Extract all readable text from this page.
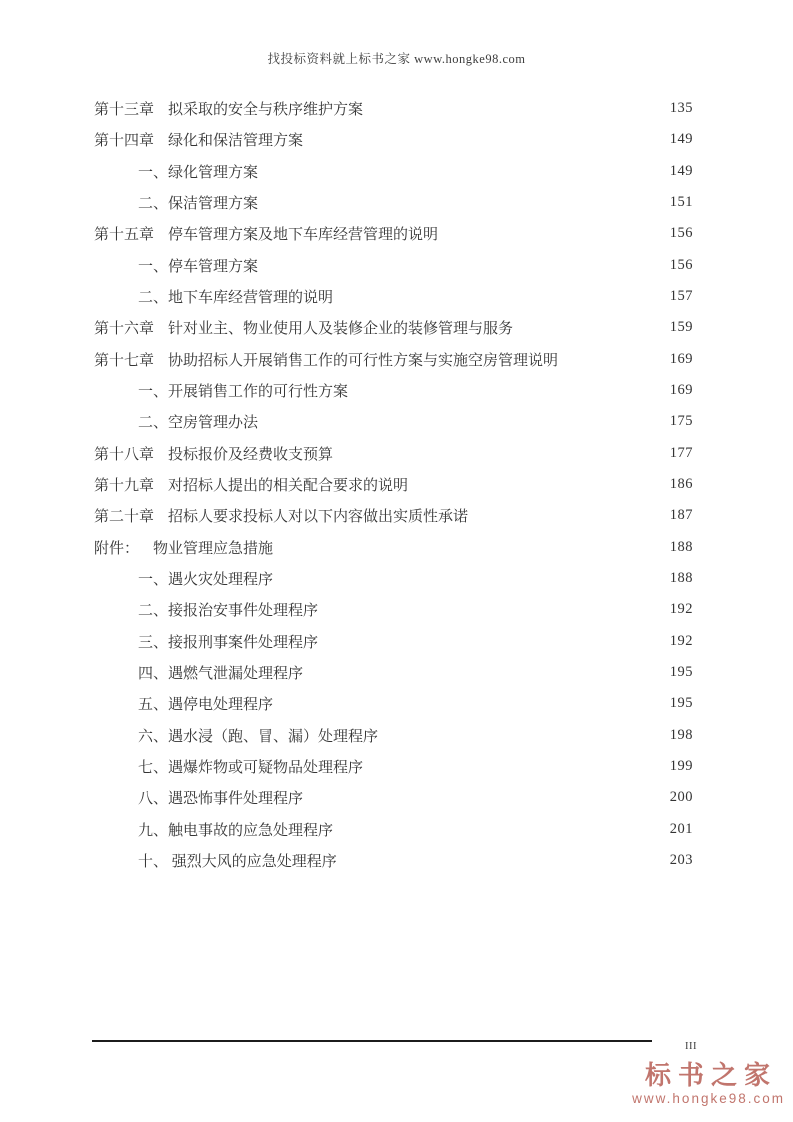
找投标资料就上标书之家 www.hongke98.com
第十三章 拟采取的安全与秩序维护方案	135
第十四章 绿化和保洁管理方案	149
一、绿化管理方案	149
二、保洁管理方案	151
第十五章 停车管理方案及地下车库经营管理的说明	156
一、停车管理方案	156
二、地下车库经营管理的说明	157
第十六章 针对业主、物业使用人及装修企业的装修管理与服务	159
第十七章 协助招标人开展销售工作的可行性方案与实施空房管理说明	169
一、开展销售工作的可行性方案	169
二、空房管理办法	175
第十八章 投标报价及经费收支预算	177
第十九章 对招标人提出的相关配合要求的说明	186
第二十章 招标人要求投标人对以下内容做出实质性承诺	187
附件： 物业管理应急措施	188
一、遇火灾处理程序	188
二、接报治安事件处理程序	192
三、接报刑事案件处理程序	192
四、遇燃气泄漏处理程序	195
五、遇停电处理程序	195
六、遇水浸（跑、冒、漏）处理程序	198
七、遇爆炸物或可疑物品处理程序	199
八、遇恐怖事件处理程序	200
九、触电事故的应急处理程序	201
十、 强烈大风的应急处理程序	203
III
标书之家
www.hongke98.com
